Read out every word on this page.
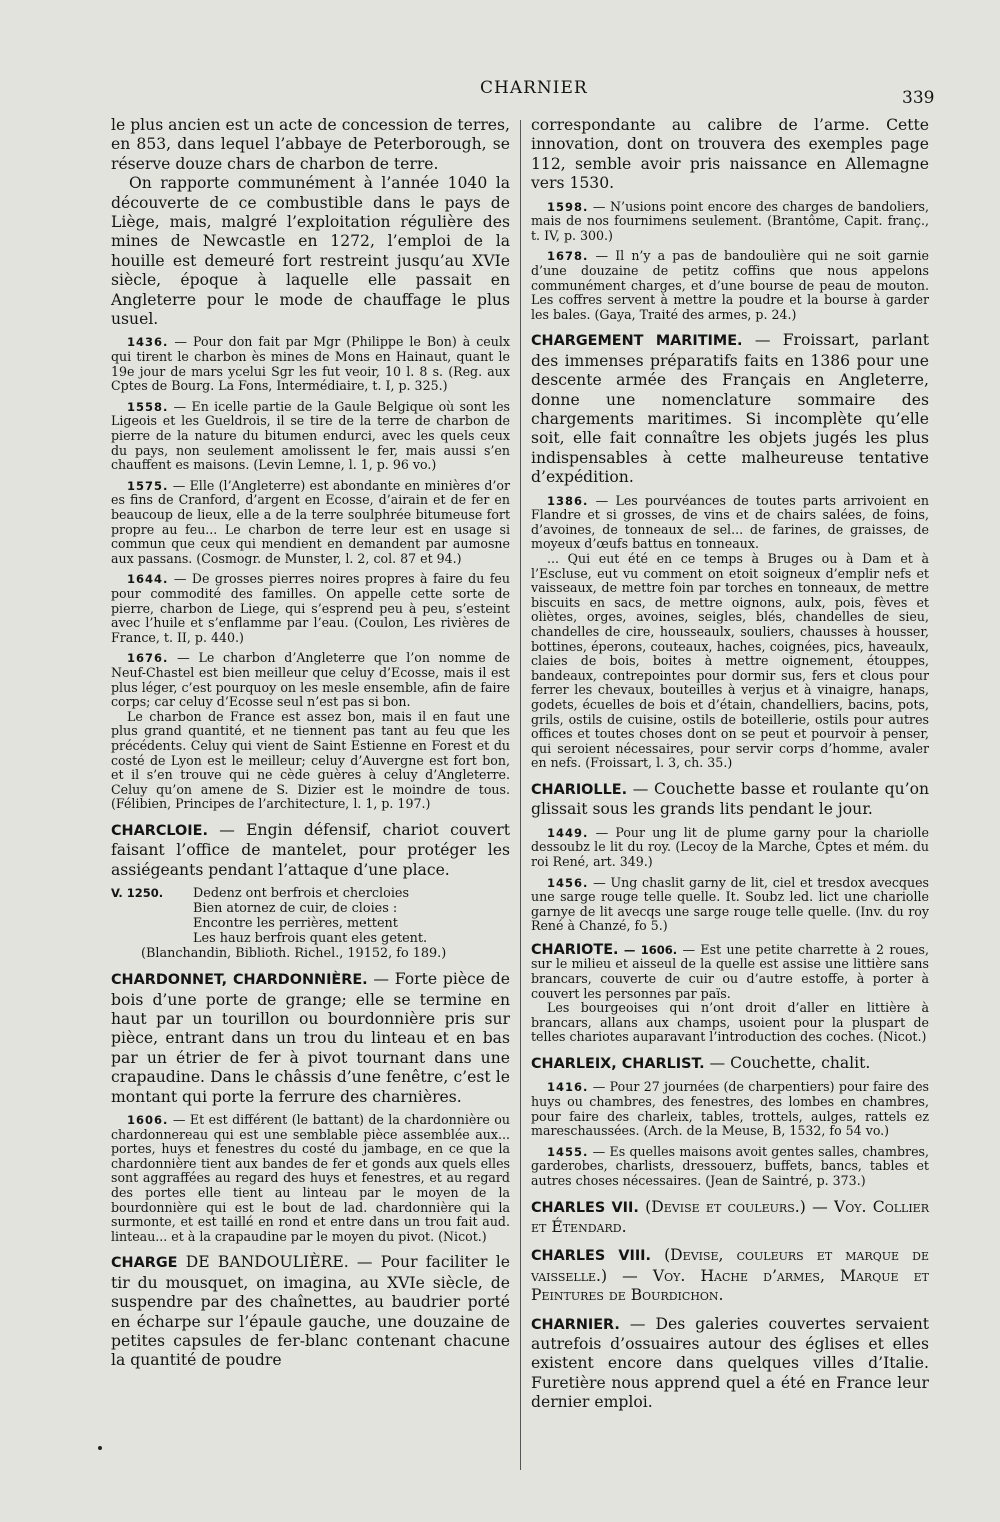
CHARNIER	339

le plus ancien est un acte de concession de terres, en 853, dans lequel l’abbaye de Peterborough, se réserve douze chars de charbon de terre.

On rapporte communément à l’année 1040 la découverte de ce combustible dans le pays de Liège, mais, malgré l’exploitation régulière des mines de Newcastle en 1272, l’emploi de la houille est demeuré fort restreint jusqu’au XVIe siècle, époque à laquelle elle passait en Angleterre pour le mode de chauffage le plus usuel.

1436. — Pour don fait par Mgr (Philippe le Bon) à ceulx qui tirent le charbon ès mines de Mons en Hainaut, quant le 19e jour de mars ycelui Sgr les fut veoir, 10 l. 8 s. (Reg. aux Cptes de Bourg. La Fons, Intermédiaire, t. I, p. 325.)

1558. — En icelle partie de la Gaule Belgique où sont les Ligeois et les Gueldrois, il se tire de la terre de charbon de pierre de la nature du bitumen endurci, avec les quels ceux du pays, non seulement amolissent le fer, mais aussi s’en chauffent es maisons. (Levin Lemne, l. 1, p. 96 vo.)

1575. — Elle (l’Angleterre) est abondante en minières d’or es fins de Cranford, d’argent en Ecosse, d’airain et de fer en beaucoup de lieux, elle a de la terre soulphrée bitumeuse fort propre au feu... Le charbon de terre leur est en usage si commun que ceux qui mendient en demandent par aumosne aux passans. (Cosmogr. de Munster, l. 2, col. 87 et 94.)

1644. — De grosses pierres noires propres à faire du feu pour commodité des familles. On appelle cette sorte de pierre, charbon de Liege, qui s’esprend peu à peu, s’esteint avec l’huile et s’enflamme par l’eau. (Coulon, Les rivières de France, t. II, p. 440.)

1676. — Le charbon d’Angleterre que l’on nomme de Neuf-Chastel est bien meilleur que celuy d’Ecosse, mais il est plus léger, c’est pourquoy on les mesle ensemble, afin de faire corps; car celuy d’Ecosse seul n’est pas si bon.

Le charbon de France est assez bon, mais il en faut une plus grand quantité, et ne tiennent pas tant au feu que les précédents. Celuy qui vient de Saint Estienne en Forest et du costé de Lyon est le meilleur; celuy d’Auvergne est fort bon, et il s’en trouve qui ne cède guères à celuy d’Angleterre. Celuy qu’on amene de S. Dizier est le moindre de tous. (Félibien, Principes de l’architecture, l. 1, p. 197.)

CHARCLOIE. — Engin défensif, chariot couvert faisant l’office de mantelet, pour protéger les assiégeants pendant l’attaque d’une place.

V. 1250. Dedenz ont berfrois et chercloies
Bien atornez de cuir, de cloies :
Encontre les perrières, mettent
Les hauz berfrois quant eles getent.
(Blanchandin, Biblioth. Richel., 19152, fo 189.)

CHARDONNET, CHARDONNIÈRE. — Forte pièce de bois d’une porte de grange; elle se termine en haut par un tourillon ou bourdonnière pris sur pièce, entrant dans un trou du linteau et en bas par un étrier de fer à pivot tournant dans une crapaudine. Dans le châssis d’une fenêtre, c’est le montant qui porte la ferrure des charnières.

1606. — Et est différent (le battant) de la chardonnière ou chardonnereau qui est une semblable pièce assemblée aux... portes, huys et fenestres du costé du jambage, en ce que la chardonnière tient aux bandes de fer et gonds aux quels elles sont aggraffées au regard des huys et fenestres, et au regard des portes elle tient au linteau par le moyen de la bourdonnière qui est le bout de lad. chardonnière qui la surmonte, et est taillé en rond et entre dans un trou fait aud. linteau... et à la crapaudine par le moyen du pivot. (Nicot.)

CHARGE DE BANDOULIÈRE. — Pour faciliter le tir du mousquet, on imagina, au XVIe siècle, de suspendre par des chaînettes, au baudrier porté en écharpe sur l’épaule gauche, une douzaine de petites capsules de fer-blanc contenant chacune la quantité de poudre

correspondante au calibre de l’arme. Cette innovation, dont on trouvera des exemples page 112, semble avoir pris naissance en Allemagne vers 1530.

1598. — N’usions point encore des charges de bandoliers, mais de nos fournimens seulement. (Brantôme, Capit. franç., t. IV, p. 300.)

1678. — Il n’y a pas de bandoulière qui ne soit garnie d’une douzaine de petitz coffins que nous appelons communément charges, et d’une bourse de peau de mouton. Les coffres servent à mettre la poudre et la bourse à garder les bales. (Gaya, Traité des armes, p. 24.)

CHARGEMENT MARITIME. — Froissart, parlant des immenses préparatifs faits en 1386 pour une descente armée des Français en Angleterre, donne une nomenclature sommaire des chargements maritimes. Si incomplète qu’elle soit, elle fait connaître les objets jugés les plus indispensables à cette malheureuse tentative d’expédition.

1386. — Les pourvéances de toutes parts arrivoient en Flandre et si grosses, de vins et de chairs salées, de foins, d’avoines, de tonneaux de sel... de farines, de graisses, de moyeux d’œufs battus en tonneaux.

... Qui eut été en ce temps à Bruges ou à Dam et à l’Escluse, eut vu comment on etoit soigneux d’emplir nefs et vaisseaux, de mettre foin par torches en tonneaux, de mettre biscuits en sacs, de mettre oignons, aulx, pois, fèves et oliètes, orges, avoines, seigles, blés, chandelles de sieu, chandelles de cire, housseaulx, souliers, chausses à housser, bottines, éperons, couteaux, haches, coignées, pics, haveaulx, claies de bois, boites à mettre oignement, étouppes, bandeaux, contrepointes pour dormir sus, fers et clous pour ferrer les chevaux, bouteilles à verjus et à vinaigre, hanaps, godets, écuelles de bois et d’étain, chandelliers, bacins, pots, grils, ostils de cuisine, ostils de boteillerie, ostils pour autres offices et toutes choses dont on se peut et pourvoir à penser, qui seroient nécessaires, pour servir corps d’homme, avaler en nefs. (Froissart, l. 3, ch. 35.)

CHARIOLLE. — Couchette basse et roulante qu’on glissait sous les grands lits pendant le jour.

1449. — Pour ung lit de plume garny pour la chariolle dessoubz le lit du roy. (Lecoy de la Marche, Cptes et mém. du roi René, art. 349.)

1456. — Ung chaslit garny de lit, ciel et tresdox avecques une sarge rouge telle quelle. It. Soubz led. lict une chariolle garnye de lit avecqs une sarge rouge telle quelle. (Inv. du roy René à Chanzé, fo 5.)

CHARIOTE. — 1606. — Est une petite charrette à 2 roues, sur le milieu et aisseul de la quelle est assise une littière sans brancars, couverte de cuir ou d’autre estoffe, à porter à couvert les personnes par païs.

Les bourgeoises qui n’ont droit d’aller en littière à brancars, allans aux champs, usoient pour la pluspart de telles chariotes auparavant l’introduction des coches. (Nicot.)

CHARLEIX, CHARLIST. — Couchette, chalit.

1416. — Pour 27 journées (de charpentiers) pour faire des huys ou chambres, des fenestres, des lombes en chambres, pour faire des charleix, tables, trottels, aulges, rattels ez mareschaussées. (Arch. de la Meuse, B, 1532, fo 54 vo.)

1455. — Es quelles maisons avoit gentes salles, chambres, garderobes, charlists, dressouerz, buffets, bancs, tables et autres choses nécessaires. (Jean de Saintré, p. 373.)

CHARLES VII. (Devise et couleurs.) — Voy. Collier et Étendard.

CHARLES VIII. (Devise, couleurs et marque de vaisselle.) — Voy. Hache d’armes, Marque et Peintures de Bourdichon.

CHARNIER. — Des galeries couvertes servaient autrefois d’ossuaires autour des églises et elles existent encore dans quelques villes d’Italie. Furetière nous apprend quel a été en France leur dernier emploi.
